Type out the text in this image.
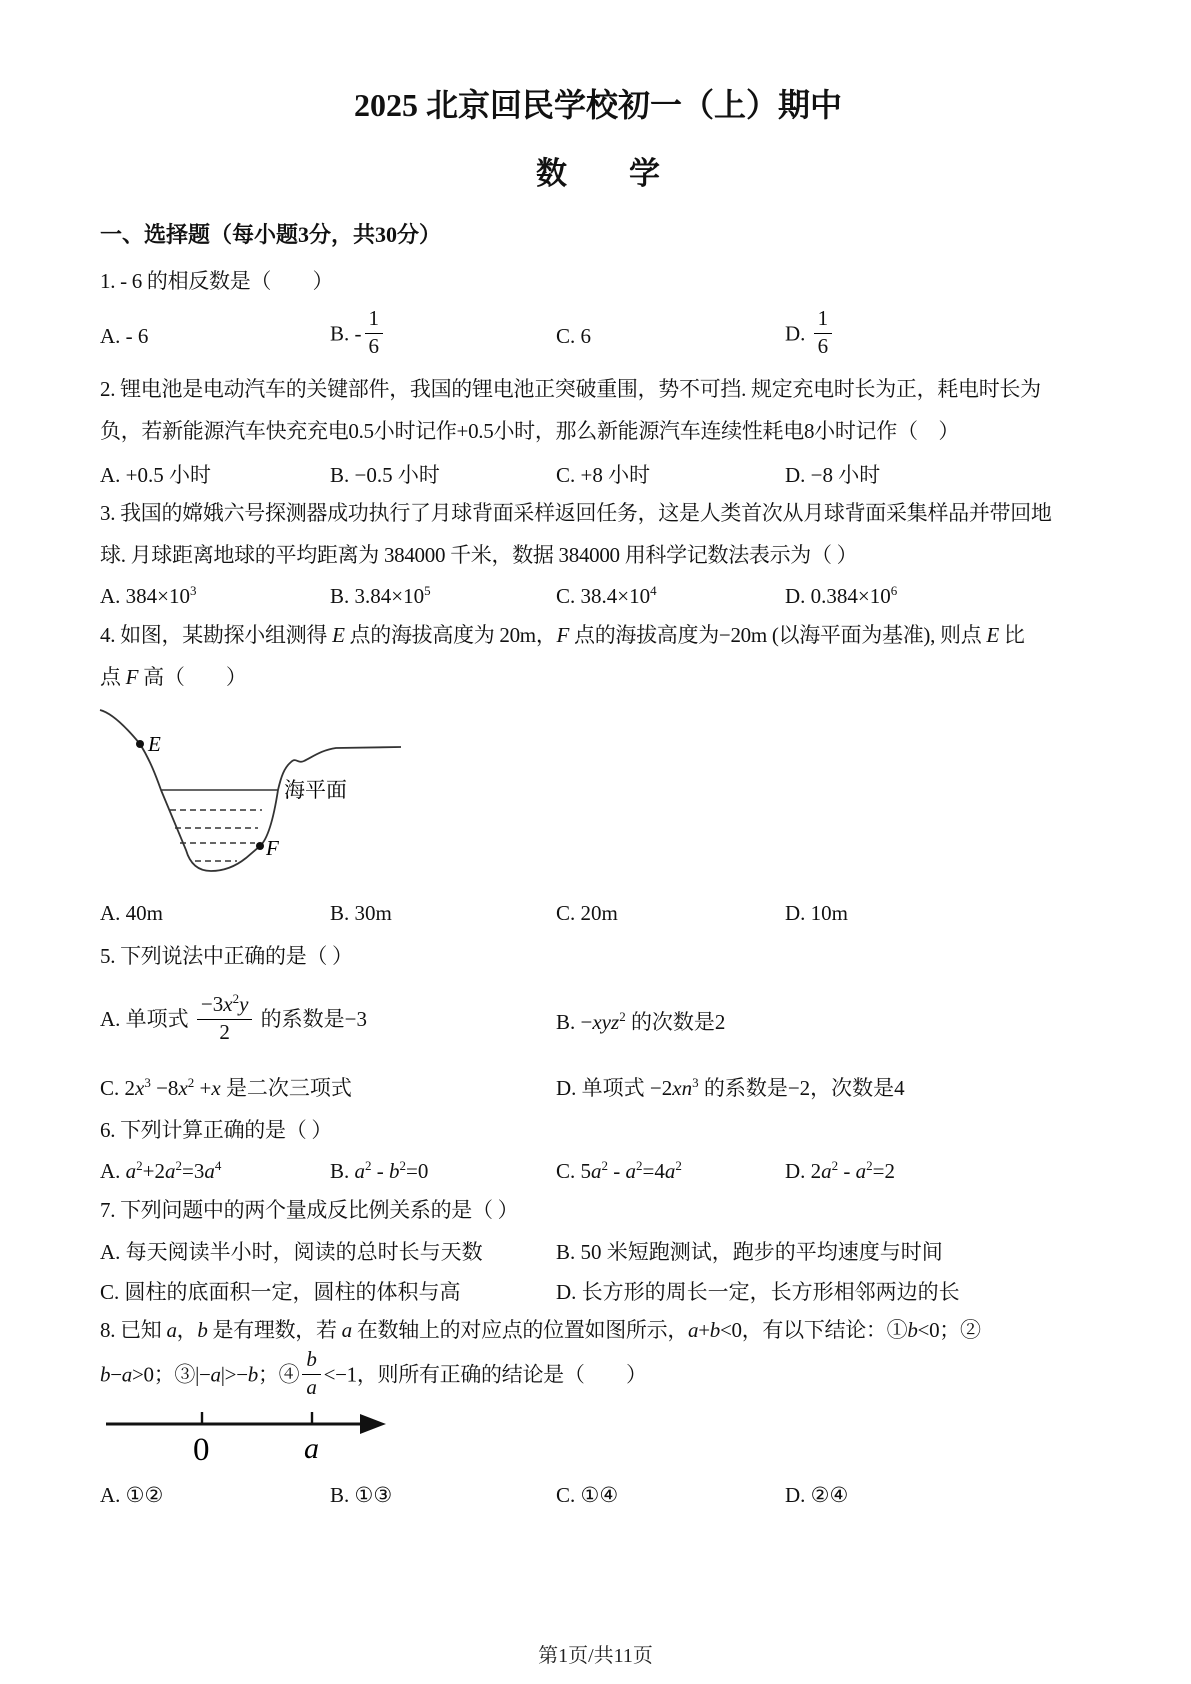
2025 北京回民学校初一（上）期中
数　　学
一、选择题（每小题3分，共30分）

1. - 6 的相反数是（　　）

A. - 6	B. - $\frac{1}{6}$	C. 6	D. $\frac{1}{6}$

2. 锂电池是电动汽车的关键部件，我国的锂电池正突破重围，势不可挡. 规定充电时长为正，耗电时长为

负，若新能源汽车快充充电0.5小时记作+0.5小时，那么新能源汽车连续性耗电8小时记作（　）

A. +0.5 小时	B. −0.5 小时	C. +8 小时	D. −8 小时

3. 我国的嫦娥六号探测器成功执行了月球背面采样返回任务，这是人类首次从月球背面采集样品并带回地

球. 月球距离地球的平均距离为 384000 千米，数据 384000 用科学记数法表示为（ ）

A. $384\times 10^3$	B. $3.84\times 10^5$	C. $38.4\times 10^4$	D. $0.384\times 10^6$

4. 如图，某勘探小组测得 E 点的海拔高度为 20m，F 点的海拔高度为−20m (以海平面为基准), 则点 E 比

点 F 高（　　）

E
F
海平面
A. 40m	B. 30m	C. 20m	D. 10m

5. 下列说法中正确的是（ ）

A. 单项式 $\frac{-3x^2y}{2}$ 的系数是−3	B. −xyz$^2$ 的次数是2
C. $2x^3 -8x^2 +x$ 是二次三项式	D. 单项式 $-2xn^3$ 的系数是−2，次数是4

6. 下列计算正确的是（ ）

A. $a^2+2a^2=3a^4$	B. $a^2 - b^2=0$	C. $5a^2 - a^2=4a^2$	D. $2a^2 - a^2=2$

7. 下列问题中的两个量成反比例关系的是（ ）

A. 每天阅读半小时，阅读的总时长与天数	B. 50 米短跑测试，跑步的平均速度与时间
C. 圆柱的底面积一定，圆柱的体积与高	D. 长方形的周长一定，长方形相邻两边的长

8. 已知 a，b 是有理数，若 a 在数轴上的对应点的位置如图所示，a+b<0，有以下结论：①b<0；②

b−a>0；③|−a|>−b；④ $\frac{b}{a} <-1$，则所有正确的结论是（　　）

0	a
A. ①②	B. ①③	C. ①④	D. ②④
第1页/共11页
